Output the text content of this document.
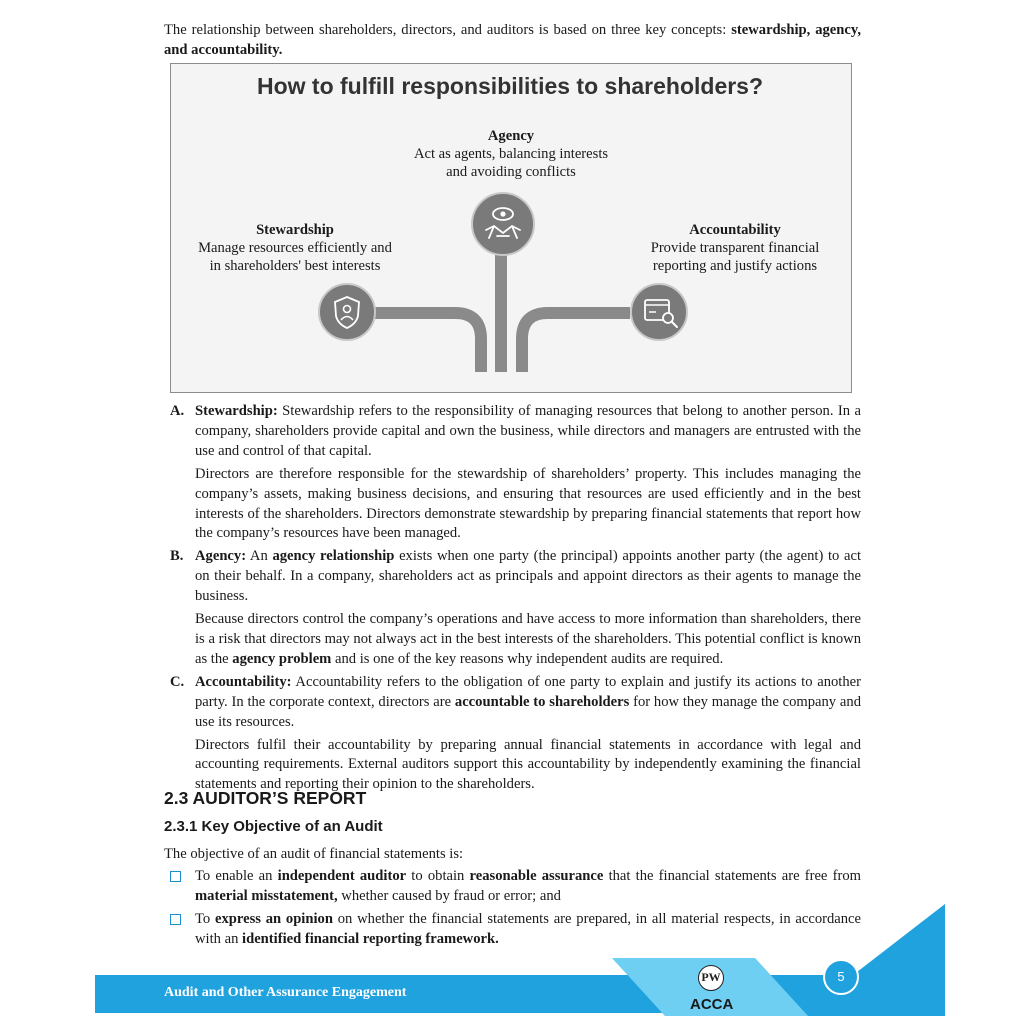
The relationship between shareholders, directors, and auditors is based on three key concepts: stewardship, agency, and accountability.
How to fulfill responsibilities to shareholders?
Agency
Act as agents, balancing interests
and avoiding conflicts
Stewardship
Manage resources efficiently and
in shareholders' best interests
Accountability
Provide transparent financial
reporting and justify actions
A. Stewardship: Stewardship refers to the responsibility of managing resources that belong to another person. In a company, shareholders provide capital and own the business, while directors and managers are entrusted with the use and control of that capital.

Directors are therefore responsible for the stewardship of shareholders’ property. This includes managing the company’s assets, making business decisions, and ensuring that resources are used efficiently and in the best interests of the shareholders. Directors demonstrate stewardship by preparing financial statements that report how the company’s resources have been managed.

B. Agency: An agency relationship exists when one party (the principal) appoints another party (the agent) to act on their behalf. In a company, shareholders act as principals and appoint directors as their agents to manage the business.

Because directors control the company’s operations and have access to more information than shareholders, there is a risk that directors may not always act in the best interests of the shareholders. This potential conflict is known as the agency problem and is one of the key reasons why independent audits are required.

C. Accountability: Accountability refers to the obligation of one party to explain and justify its actions to another party. In the corporate context, directors are accountable to shareholders for how they manage the company and use its resources.

Directors fulfil their accountability by preparing annual financial statements in accordance with legal and accounting requirements. External auditors support this accountability by independently examining the financial statements and reporting their opinion to the shareholders.

2.3 AUDITOR’S REPORT
2.3.1 Key Objective of an Audit
The objective of an audit of financial statements is:

To enable an independent auditor to obtain reasonable assurance that the financial statements are free from material misstatement, whether caused by fraud or error; and

To express an opinion on whether the financial statements are prepared, in all material respects, in accordance with an identified financial reporting framework.

Audit and Other Assurance Engagement
PW
ACCA
5
